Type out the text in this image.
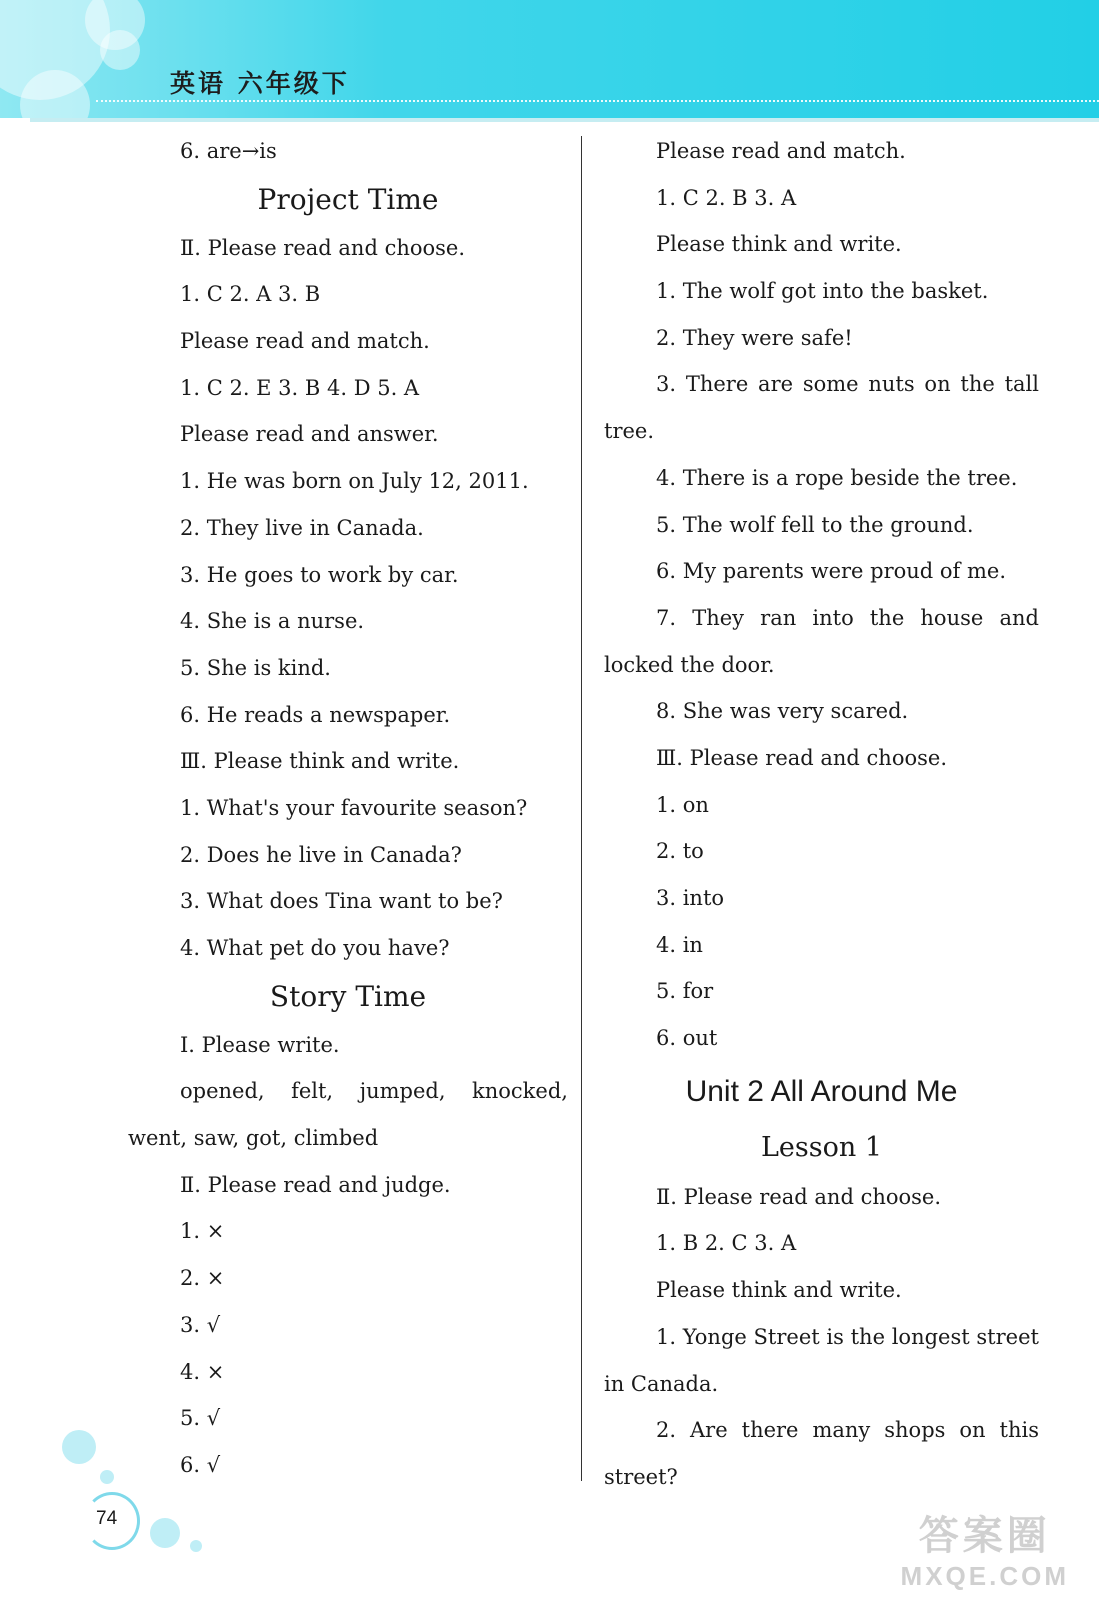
英语 六年级下
6. are→is
Project Time
Ⅱ. Please read and choose.
1. C 2. A 3. B
Please read and match.
1. C 2. E 3. B 4. D 5. A
Please read and answer.
1. He was born on July 12, 2011.
2. They live in Canada.
3. He goes to work by car.
4. She is a nurse.
5. She is kind.
6. He reads a newspaper.
Ⅲ. Please think and write.
1. What's your favourite season?
2. Does he live in Canada?
3. What does Tina want to be?
4. What pet do you have?
Story Time
Ⅰ. Please write.
opened, felt, jumped, knocked,
went, saw, got, climbed
Ⅱ. Please read and judge.
1. ×
2. ×
3. √
4. ×
5. √
6. √
Please read and match.
1. C 2. B 3. A
Please think and write.
1. The wolf got into the basket.
2. They were safe!
3. There are some nuts on the tall
tree.
4. There is a rope beside the tree.
5. The wolf fell to the ground.
6. My parents were proud of me.
7. They ran into the house and
locked the door.
8. She was very scared.
Ⅲ. Please read and choose.
1. on
2. to
3. into
4. in
5. for
6. out
Unit 2 All Around Me
Lesson 1
Ⅱ. Please read and choose.
1. B 2. C 3. A
Please think and write.
1. Yonge Street is the longest street
in Canada.
2. Are there many shops on this
street?
74	答案圈
MXQE.COM
